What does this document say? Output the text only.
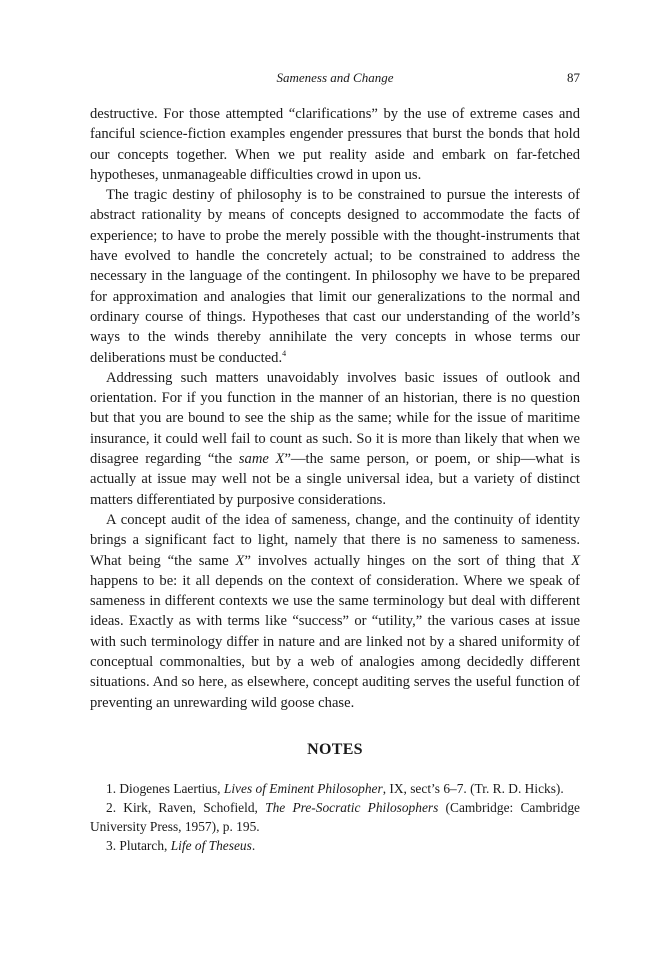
Sameness and Change	87

destructive. For those attempted “clarifications” by the use of extreme cases and fanciful science-fiction examples engender pressures that burst the bonds that hold our concepts together. When we put reality aside and embark on far-fetched hypotheses, unmanageable difficulties crowd in upon us.

The tragic destiny of philosophy is to be constrained to pursue the interests of abstract rationality by means of concepts designed to accommodate the facts of experience; to have to probe the merely possible with the thought-instruments that have evolved to handle the concretely actual; to be constrained to address the necessary in the language of the contingent. In philosophy we have to be prepared for approximation and analogies that limit our generalizations to the normal and ordinary course of things. Hypotheses that cast our understanding of the world’s ways to the winds thereby annihilate the very concepts in whose terms our deliberations must be conducted.$^4$

Addressing such matters unavoidably involves basic issues of outlook and orientation. For if you function in the manner of an historian, there is no question but that you are bound to see the ship as the same; while for the issue of maritime insurance, it could well fail to count as such. So it is more than likely that when we disagree regarding “the same X”—the same person, or poem, or ship—what is actually at issue may well not be a single universal idea, but a variety of distinct matters differentiated by purposive considerations.

A concept audit of the idea of sameness, change, and the continuity of identity brings a significant fact to light, namely that there is no sameness to sameness. What being “the same X” involves actually hinges on the sort of thing that X happens to be: it all depends on the context of consideration. Where we speak of sameness in different contexts we use the same terminology but deal with different ideas. Exactly as with terms like “success” or “utility,” the various cases at issue with such terminology differ in nature and are linked not by a shared uniformity of conceptual commonalties, but by a web of analogies among decidedly different situations. And so here, as elsewhere, concept auditing serves the useful function of preventing an unrewarding wild goose chase.

NOTES

1. Diogenes Laertius, Lives of Eminent Philosopher, IX, sect’s 6–7. (Tr. R. D. Hicks).

2. Kirk, Raven, Schofield, The Pre-Socratic Philosophers (Cambridge: Cambridge University Press, 1957), p. 195.

3. Plutarch, Life of Theseus.
